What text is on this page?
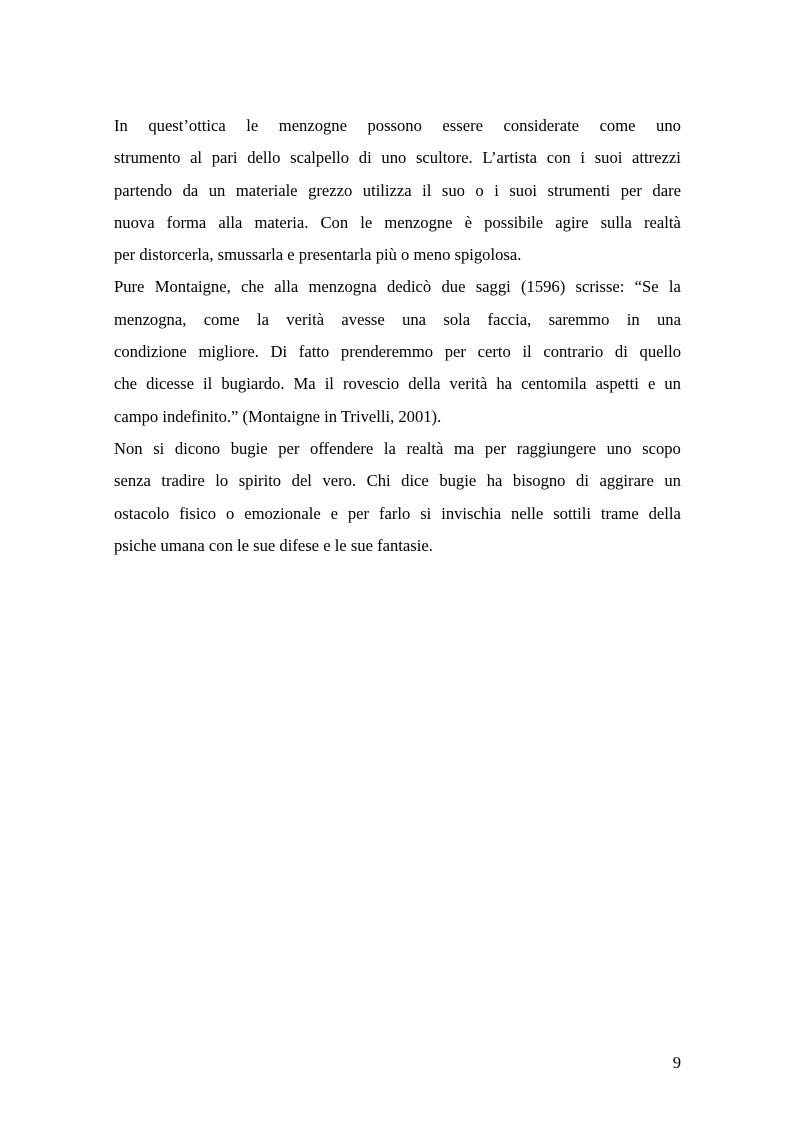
In quest’ottica le menzogne possono essere considerate come uno
strumento al pari dello scalpello di uno scultore. L’artista con i suoi attrezzi
partendo da un materiale grezzo utilizza il suo o i suoi strumenti per dare
nuova forma alla materia. Con le menzogne è possibile agire sulla realtà
per distorcerla, smussarla e presentarla più o meno spigolosa.
Pure Montaigne, che alla menzogna dedicò due saggi (1596) scrisse: “Se la
menzogna, come la verità avesse una sola faccia, saremmo in una
condizione migliore. Di fatto prenderemmo per certo il contrario di quello
che dicesse il bugiardo. Ma il rovescio della verità ha centomila aspetti e un
campo indefinito.” (Montaigne in Trivelli, 2001).
Non si dicono bugie per offendere la realtà ma per raggiungere uno scopo
senza tradire lo spirito del vero. Chi dice bugie ha bisogno di aggirare un
ostacolo fisico o emozionale e per farlo si invischia nelle sottili trame della
psiche umana con le sue difese e le sue fantasie.
9
